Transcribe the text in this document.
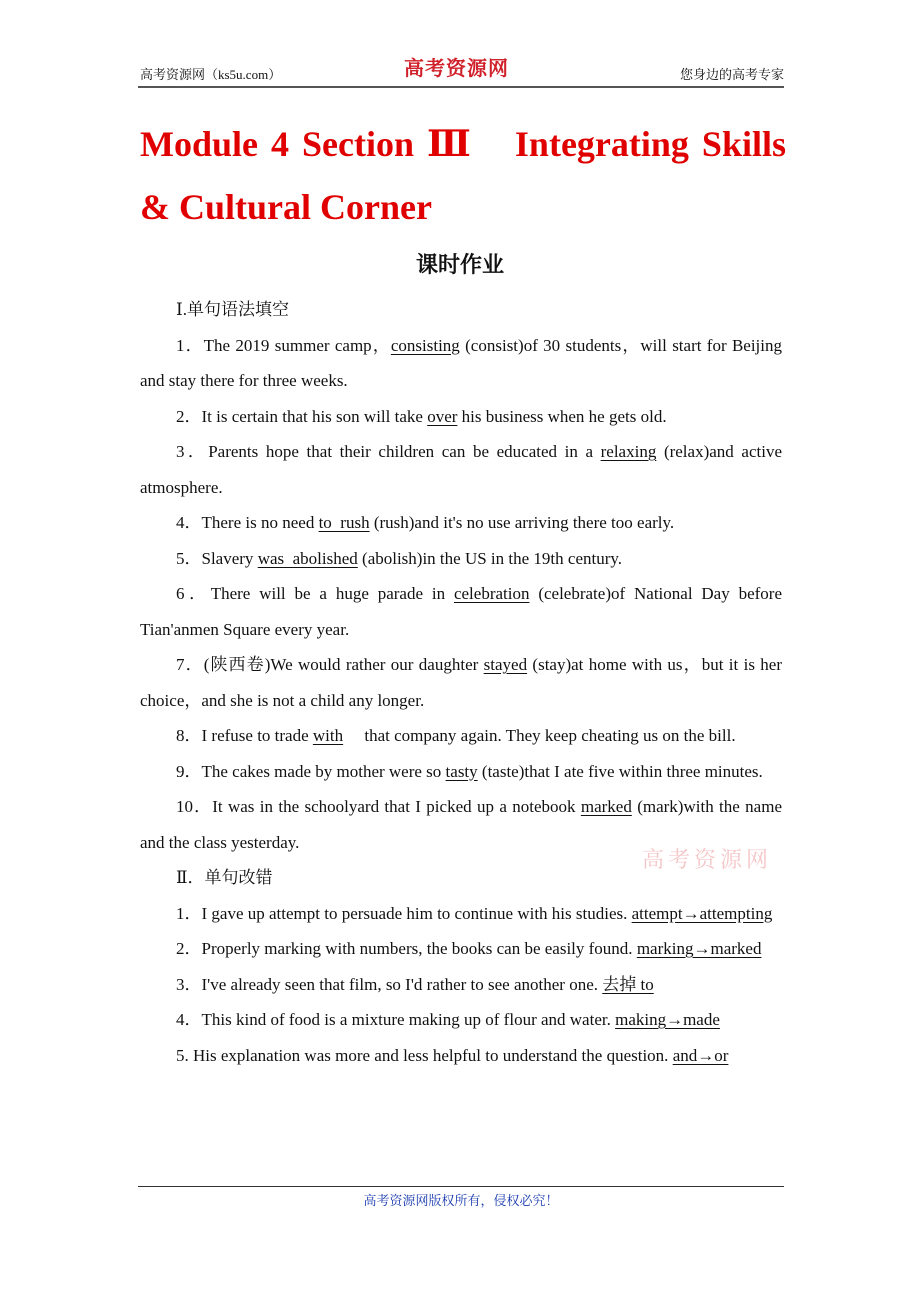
高考资源网（ks5u.com）	高考资源网	您身边的高考专家
Module 4 Section Ⅲ　Integrating Skills
& Cultural Corner
课时作业
Ⅰ.单句语法填空

1．The 2019 summer camp，consisting (consist)of 30 students，will start for Beijing and stay there for three weeks.

2．It is certain that his son will take over his business when he gets old.

3．Parents hope that their children can be educated in a relaxing (relax)and active atmosphere.

4．There is no need to  rush (rush)and it's no use arriving there too early.

5．Slavery was  abolished (abolish)in the US in the 19th century.

6．There will be a huge parade in celebration (celebrate)of National Day before Tian'anmen Square every year.

7．(陕西卷)We would rather our daughter stayed (stay)at home with us，but it is her choice，and she is not a child any longer.

8．I refuse to trade with　 that company again. They keep cheating us on the bill.

9．The cakes made by mother were so tasty (taste)that I ate five within three minutes.

10．It was in the schoolyard that I picked up a notebook marked (mark)with the name and the class yesterday.

Ⅱ．单句改错

1．I gave up attempt to persuade him to continue with his studies. attempt→attempting

2．Properly marking with numbers, the books can be easily found. marking→marked

3．I've already seen that film, so I'd rather to see another one. 去掉 to

4．This kind of food is a mixture making up of flour and water. making→made

5. His explanation was more and less helpful to understand the question. and→or

高考资源网
高考资源网版权所有，侵权必究！
